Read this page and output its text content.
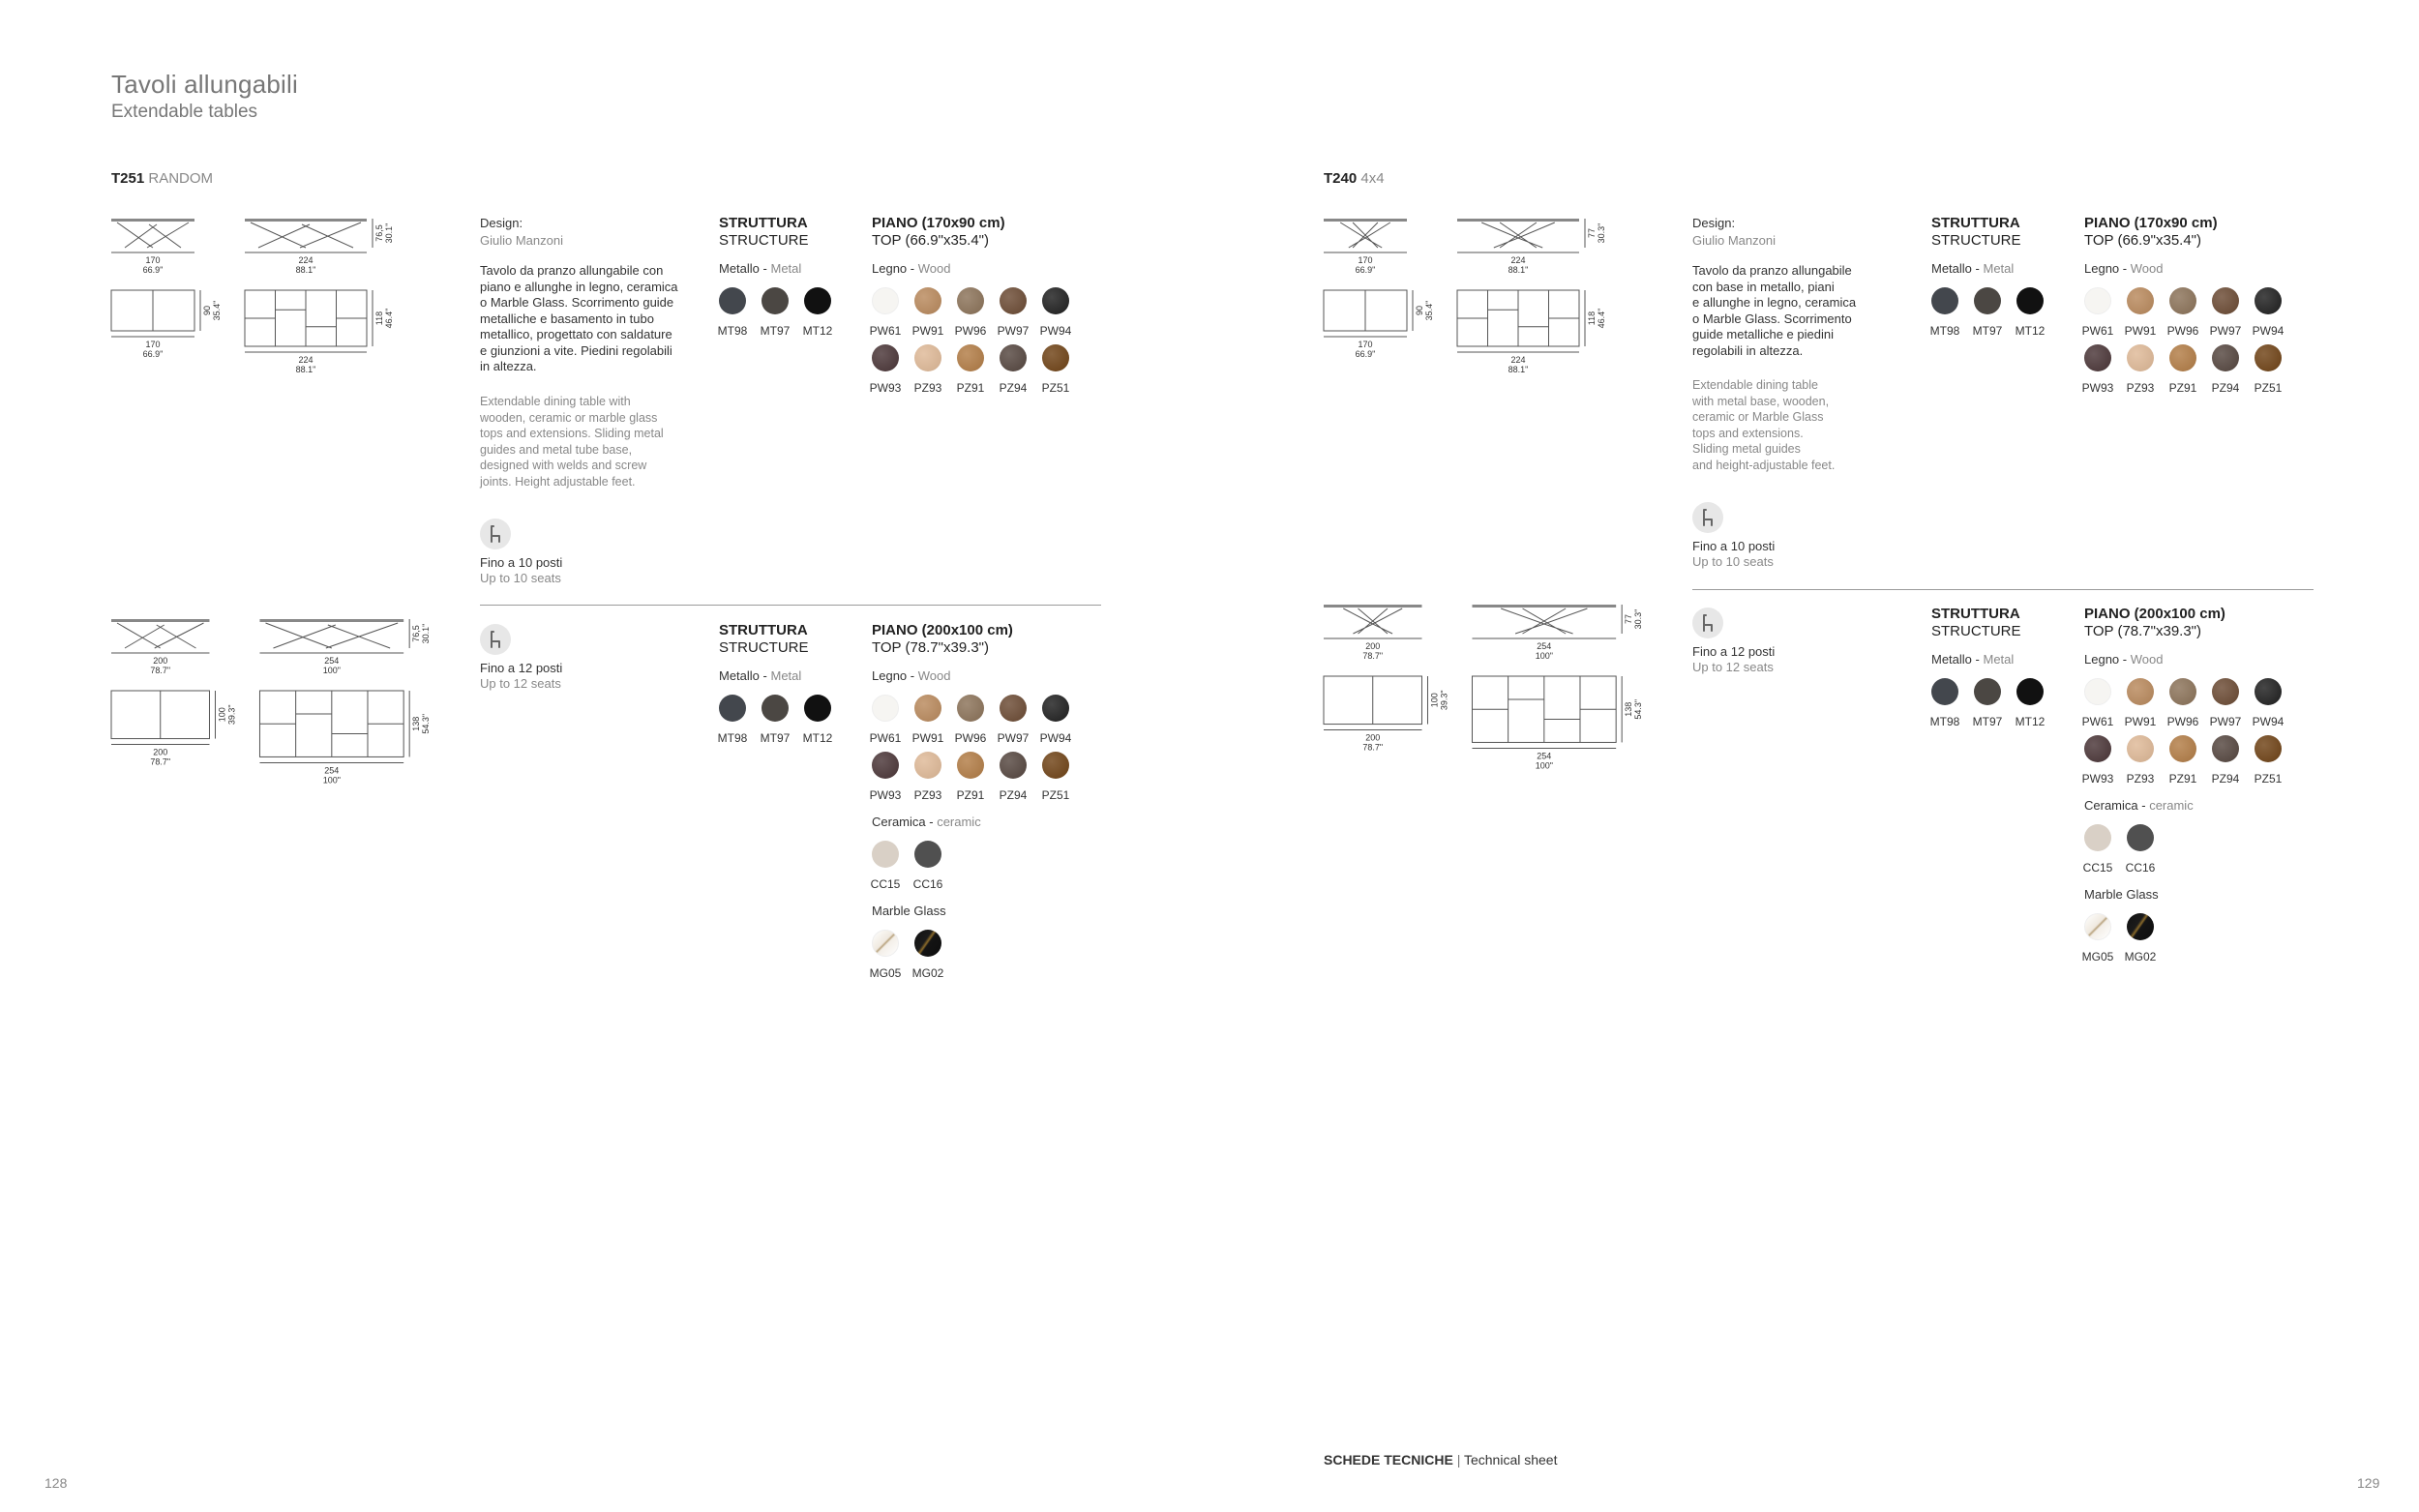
Tavoli allungabili
Extendable tables
T251 RANDOM
170
66.9"
224
88.1"
76,5 30.1"
90 35.4"
170
66.9"
118 46.4"
224
88.1"
200
78.7"
254
100"
76,5 30.1"
100 39.3"
200
78.7"
138 54.3"
254
100"
Design:
Giulio Manzoni
Tavolo da pranzo allungabile con
piano e allunghe in legno, ceramica
o Marble Glass. Scorrimento guide
metalliche e basamento in tubo
metallico, progettato con saldature
e giunzioni a vite. Piedini regolabili
in altezza.
Extendable dining table with
wooden, ceramic or marble glass
tops and extensions. Sliding metal
guides and metal tube base,
designed with welds and screw
joints. Height adjustable feet.
Fino a 10 posti
Up to 10 seats
Fino a 12 posti
Up to 12 seats
T240 4x4
170
66.9"
224
88.1"
77 30.3"
90 35.4"
170
66.9"
118 46.4"
224
88.1"
200
78.7"
254
100"
77 30.3"
100 39.3"
200
78.7"
138 54.3"
254
100"
Design:
Giulio Manzoni
Tavolo da pranzo allungabile
con base in metallo, piani
e allunghe in legno, ceramica
o Marble Glass. Scorrimento
guide metalliche e piedini
regolabili in altezza.
Extendable dining table
with metal base, wooden,
ceramic or Marble Glass
tops and extensions.
Sliding metal guides
and height-adjustable feet.
Fino a 10 posti
Up to 10 seats
Fino a 12 posti
Up to 12 seats
SCHEDE TECNICHE | Technical sheet
128	129
STRUTTURA
STRUCTURE
Metallo - Metal
MT98 MT97 MT12
PIANO (170x90 cm)
TOP (66.9"x35.4")
Legno - Wood
PW61 PW91 PW96 PW97 PW94
PW93 PZ93 PZ91 PZ94 PZ51
STRUTTURA
STRUCTURE
Metallo - Metal
MT98 MT97 MT12
PIANO (200x100 cm)
TOP (78.7"x39.3")
Legno - Wood
PW61 PW91 PW96 PW97 PW94
PW93 PZ93 PZ91 PZ94 PZ51
Ceramica - ceramic
CC15 CC16
Marble Glass
MG05 MG02
STRUTTURA
STRUCTURE
Metallo - Metal
MT98 MT97 MT12
PIANO (170x90 cm)
TOP (66.9"x35.4")
Legno - Wood
PW61 PW91 PW96 PW97 PW94
PW93 PZ93 PZ91 PZ94 PZ51
STRUTTURA
STRUCTURE
Metallo - Metal
MT98 MT97 MT12
PIANO (200x100 cm)
TOP (78.7"x39.3")
Legno - Wood
PW61 PW91 PW96 PW97 PW94
PW93 PZ93 PZ91 PZ94 PZ51
Ceramica - ceramic
CC15 CC16
Marble Glass
MG05 MG02
